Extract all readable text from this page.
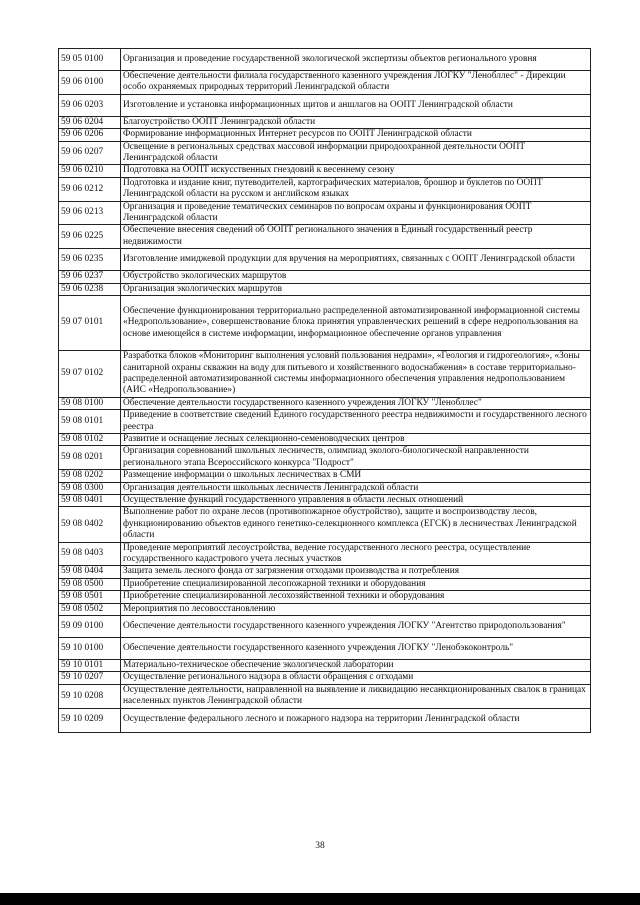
59 05 0100	Организация и проведение государственной экологической экспертизы объектов регионального уровня
59 06 0100	Обеспечение деятельности филиала государственного казенного учреждения ЛОГКУ "Ленобллес" - Дирекции особо охраняемых природных территорий Ленинградской области
59 06 0203	Изготовление и установка информационных щитов и аншлагов на ООПТ Ленинградской области
59 06 0204	Благоустройство ООПТ Ленинградской области
59 06 0206	Формирование информационных Интернет ресурсов по ООПТ Ленинградской области
59 06 0207	Освещение в региональных средствах массовой информации природоохранной деятельности ООПТ Ленинградской области
59 06 0210	Подготовка на ООПТ искусственных гнездовий к весеннему сезону
59 06 0212	Подготовка и издание книг, путеводителей, картографических материалов, брошюр и буклетов по ООПТ Ленинградской области на русском и английском языках
59 06 0213	Организация и проведение тематических семинаров по вопросам охраны и функционирования ООПТ Ленинградской области
59 06 0225	Обеспечение внесения сведений об ООПТ регионального значения в Единый государственный реестр недвижимости
59 06 0235	Изготовление имиджевой продукции для вручения на мероприятиях, связанных с ООПТ Ленинградской области
59 06 0237	Обустройство экологических маршрутов
59 06 0238	Организация экологических маршрутов
59 07 0101	Обеспечение функционирования территориально распределенной автоматизированной информационной системы «Недропользование», совершенствование блока принятия управленческих решений в сфере недропользования на основе имеющейся в системе информации, информационное обеспечение органов управления
59 07 0102	Разработка блоков «Мониторинг выполнения условий пользования недрами», «Геология и гидрогеология», «Зоны санитарной охраны скважин на воду для питьевого и хозяйственного водоснабжения» в составе территориально-распределенной автоматизированной системы информационного обеспечения управления недропользованием (АИС «Недропользование»)
59 08 0100	Обеспечение деятельности государственного казенного учреждения ЛОГКУ "Ленобллес"
59 08 0101	Приведение в соответствие сведений Единого государственного реестра недвижимости и государственного лесного реестра
59 08 0102	Развитие и оснащение лесных селекционно-семеноводческих центров
59 08 0201	Организация соревнований школьных лесничеств, олимпиад эколого-биологической направленности регионального этапа Всероссийского конкурса "Подрост"
59 08 0202	Размещение информации о школьных лесничествах в СМИ
59 08 0300	Организация деятельности школьных лесничеств Ленинградской области
59 08 0401	Осуществление функций государственного управления в области лесных отношений
59 08 0402	Выполнение работ по охране лесов (противопожарное обустройство), защите и воспроизводству лесов, функционированию объектов единого генетико-селекционного комплекса (ЕГСК) в лесничествах Ленинградской области
59 08 0403	Проведение мероприятий лесоустройства, ведение государственного лесного реестра, осуществление государственного кадастрового учета лесных участков
59 08 0404	Защита земель лесного фонда от загрязнения отходами производства и потребления
59 08 0500	Приобретение специализированной лесопожарной техники и оборудования
59 08 0501	Приобретение специализированной лесохозяйственной техники и оборудования
59 08 0502	Мероприятия по лесовосстановлению
59 09 0100	Обеспечение деятельности государственного казенного учреждения ЛОГКУ "Агентство природопользования"
59 10 0100	Обеспечение деятельности государственного казенного учреждения ЛОГКУ "Ленобэкоконтроль"
59 10 0101	Материально-техническое обеспечение экологической лаборатории
59 10 0207	Осуществление регионального надзора в области обращения с отходами
59 10 0208	Осуществление деятельности, направленной на выявление и ликвидацию несанкционированных свалок в границах населенных пунктов Ленинградской области
59 10 0209	Осуществление федерального лесного и пожарного надзора на территории Ленинградской области
38
